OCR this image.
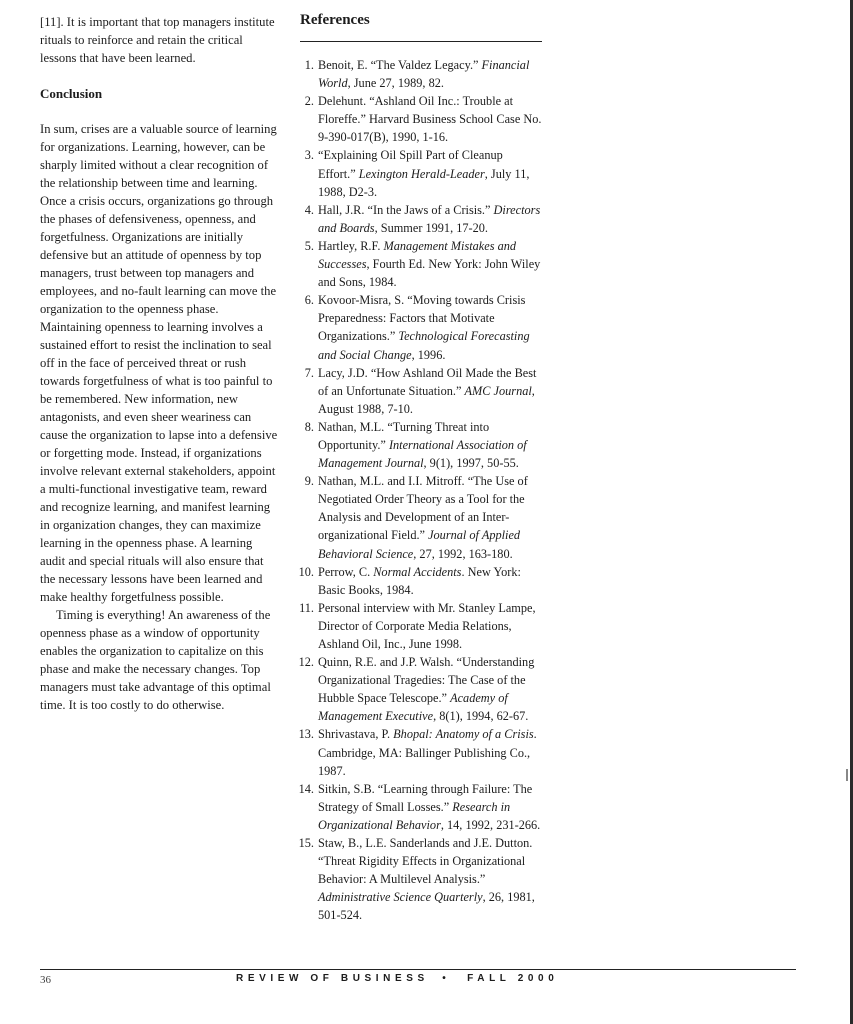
[11]. It is important that top managers institute rituals to reinforce and retain the critical lessons that have been learned.

Conclusion

In sum, crises are a valuable source of learning for organizations. Learning, however, can be sharply limited without a clear recognition of the relationship between time and learning. Once a crisis occurs, organizations go through the phases of defensiveness, openness, and forgetfulness. Organizations are initially defensive but an attitude of openness by top managers, trust between top managers and employees, and no-fault learning can move the organization to the openness phase. Maintaining openness to learning involves a sustained effort to resist the inclination to seal off in the face of perceived threat or rush towards forgetfulness of what is too painful to be remembered. New information, new antagonists, and even sheer weariness can cause the organization to lapse into a defensive or forgetting mode. Instead, if organizations involve relevant external stakeholders, appoint a multi-functional investigative team, reward and recognize learning, and manifest learning in organization changes, they can maximize learning in the openness phase. A learning audit and special rituals will also ensure that the necessary lessons have been learned and make healthy forgetfulness possible.

Timing is everything! An awareness of the openness phase as a window of opportunity enables the organization to capitalize on this phase and make the necessary changes. Top managers must take advantage of this optimal time. It is too costly to do otherwise.

References
1. Benoit, E. “The Valdez Legacy.” Financial World, June 27, 1989, 82.
2. Delehunt. “Ashland Oil Inc.: Trouble at Floreffe.” Harvard Business School Case No. 9-390-017(B), 1990, 1-16.
3. “Explaining Oil Spill Part of Cleanup Effort.” Lexington Herald-Leader, July 11, 1988, D2-3.
4. Hall, J.R. “In the Jaws of a Crisis.” Directors and Boards, Summer 1991, 17-20.
5. Hartley, R.F. Management Mistakes and Successes, Fourth Ed. New York: John Wiley and Sons, 1984.
6. Kovoor-Misra, S. “Moving towards Crisis Preparedness: Factors that Motivate Organizations.” Technological Forecasting and Social Change, 1996.
7. Lacy, J.D. “How Ashland Oil Made the Best of an Unfortunate Situation.” AMC Journal, August 1988, 7-10.
8. Nathan, M.L. “Turning Threat into Opportunity.” International Association of Management Journal, 9(1), 1997, 50-55.
9. Nathan, M.L. and I.I. Mitroff. “The Use of Negotiated Order Theory as a Tool for the Analysis and Development of an Inter-organizational Field.” Journal of Applied Behavioral Science, 27, 1992, 163-180.
10. Perrow, C. Normal Accidents. New York: Basic Books, 1984.
11. Personal interview with Mr. Stanley Lampe, Director of Corporate Media Relations, Ashland Oil, Inc., June 1998.
12. Quinn, R.E. and J.P. Walsh. “Understanding Organizational Tragedies: The Case of the Hubble Space Telescope.” Academy of Management Executive, 8(1), 1994, 62-67.
13. Shrivastava, P. Bhopal: Anatomy of a Crisis. Cambridge, MA: Ballinger Publishing Co., 1987.
14. Sitkin, S.B. “Learning through Failure: The Strategy of Small Losses.” Research in Organizational Behavior, 14, 1992, 231-266.
15. Staw, B., L.E. Sanderlands and J.E. Dutton. “Threat Rigidity Effects in Organizational Behavior: A Multilevel Analysis.” Administrative Science Quarterly, 26, 1981, 501-524.
36	REVIEW OF BUSINESS • FALL 2000
